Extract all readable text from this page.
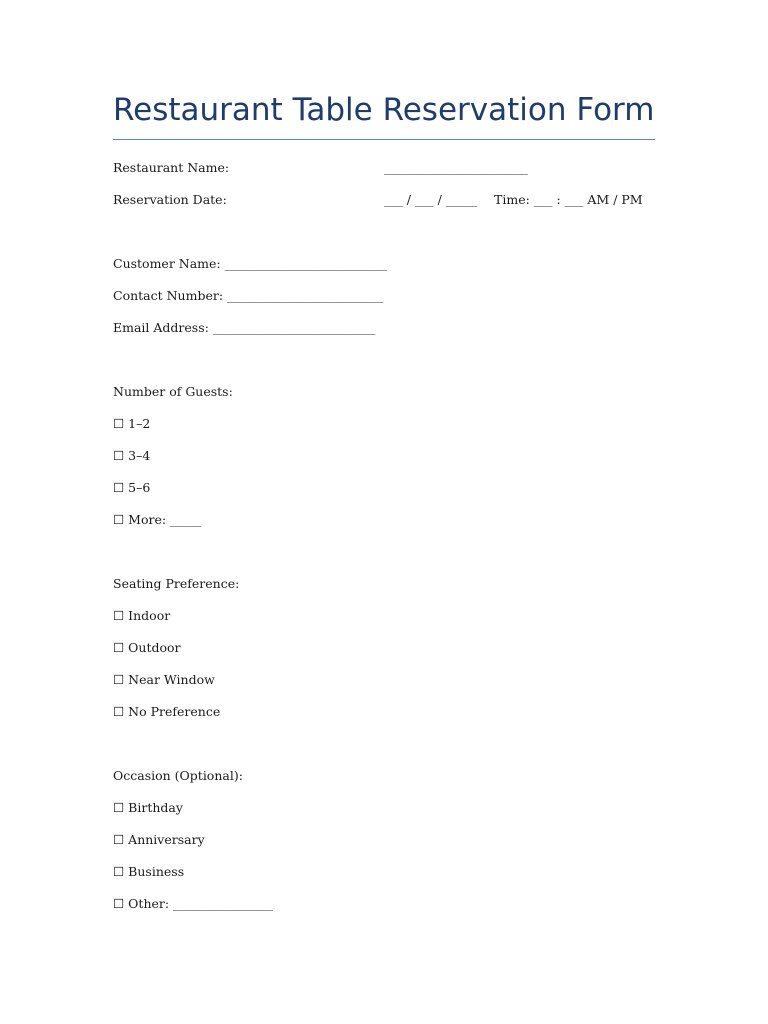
Restaurant Table Reservation Form
Restaurant Name:	_______________________
Reservation Date:	___ / ___ / _____ Time: ___ : ___ AM / PM
Customer Name: __________________________
Contact Number: _________________________
Email Address: __________________________
Number of Guests:
☐ 1–2
☐ 3–4
☐ 5–6
☐ More: _____
Seating Preference:
☐ Indoor
☐ Outdoor
☐ Near Window
☐ No Preference
Occasion (Optional):
☐ Birthday
☐ Anniversary
☐ Business
☐ Other: ________________
